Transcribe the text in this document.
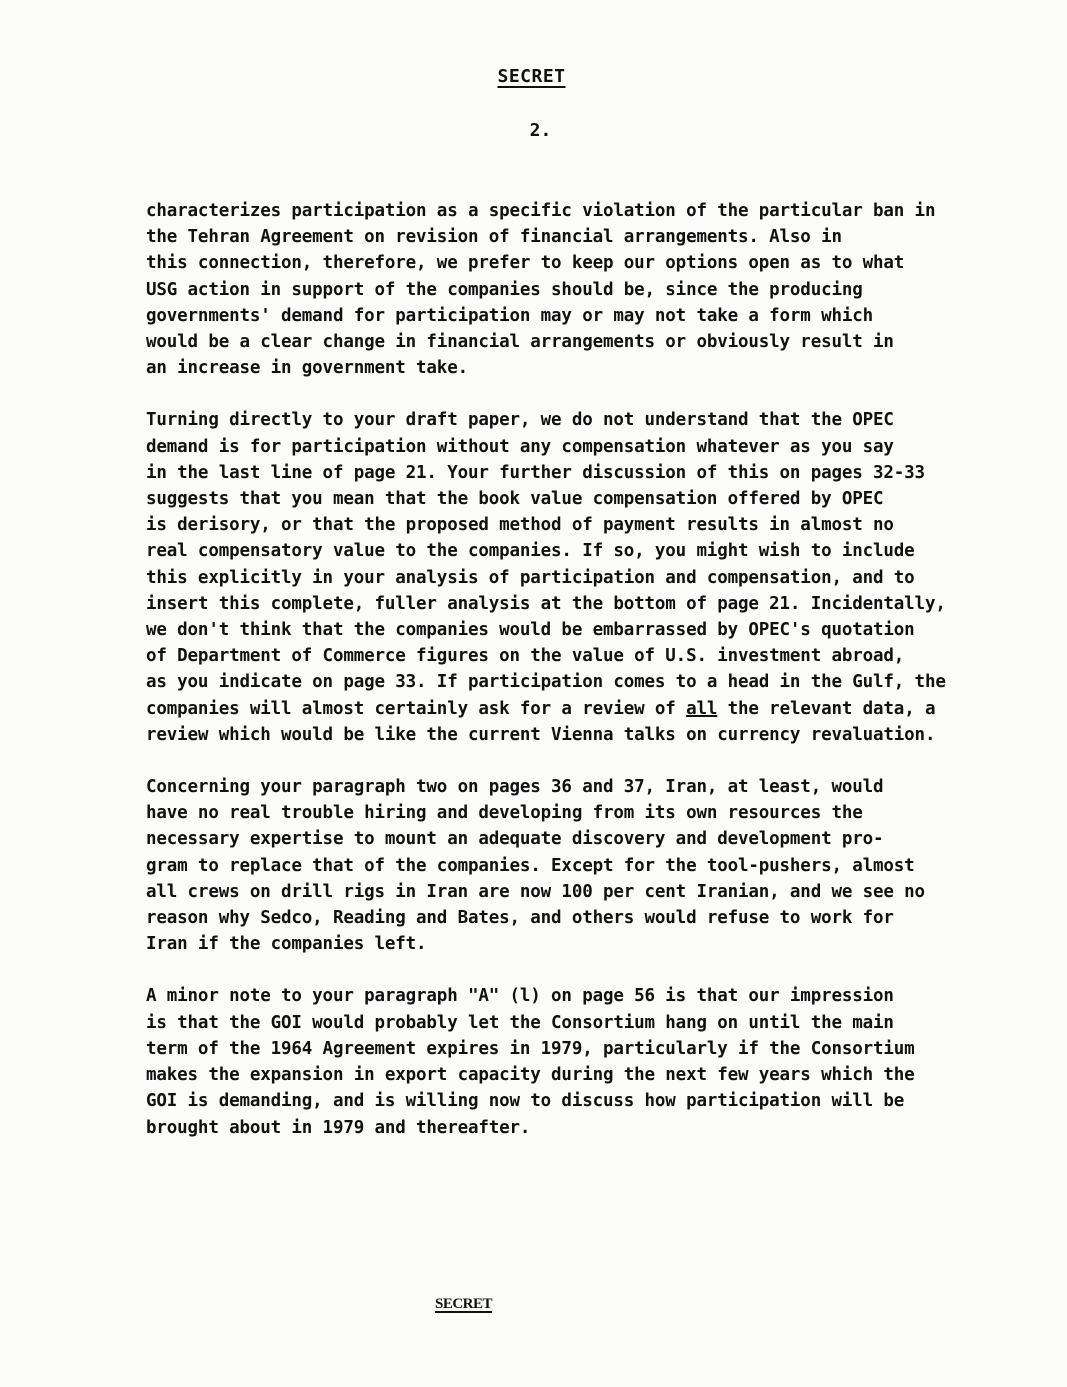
SECRET
2.
characterizes participation as a specific violation of the particular ban in
the Tehran Agreement on revision of financial arrangements. Also in
this connection, therefore, we prefer to keep our options open as to what
USG action in support of the companies should be, since the producing
governments' demand for participation may or may not take a form which
would be a clear change in financial arrangements or obviously result in
an increase in government take.
Turning directly to your draft paper, we do not understand that the OPEC
demand is for participation without any compensation whatever as you say
in the last line of page 21. Your further discussion of this on pages 32-33
suggests that you mean that the book value compensation offered by OPEC
is derisory, or that the proposed method of payment results in almost no
real compensatory value to the companies. If so, you might wish to include
this explicitly in your analysis of participation and compensation, and to
insert this complete, fuller analysis at the bottom of page 21. Incidentally,
we don't think that the companies would be embarrassed by OPEC's quotation
of Department of Commerce figures on the value of U.S. investment abroad,
as you indicate on page 33. If participation comes to a head in the Gulf, the
companies will almost certainly ask for a review of all the relevant data, a
review which would be like the current Vienna talks on currency revaluation.
Concerning your paragraph two on pages 36 and 37, Iran, at least, would
have no real trouble hiring and developing from its own resources the
necessary expertise to mount an adequate discovery and development pro-
gram to replace that of the companies. Except for the tool-pushers, almost
all crews on drill rigs in Iran are now 100 per cent Iranian, and we see no
reason why Sedco, Reading and Bates, and others would refuse to work for
Iran if the companies left.
A minor note to your paragraph "A" (l) on page 56 is that our impression
is that the GOI would probably let the Consortium hang on until the main
term of the 1964 Agreement expires in 1979, particularly if the Consortium
makes the expansion in export capacity during the next few years which the
GOI is demanding, and is willing now to discuss how participation will be
brought about in 1979 and thereafter.
SECRET
